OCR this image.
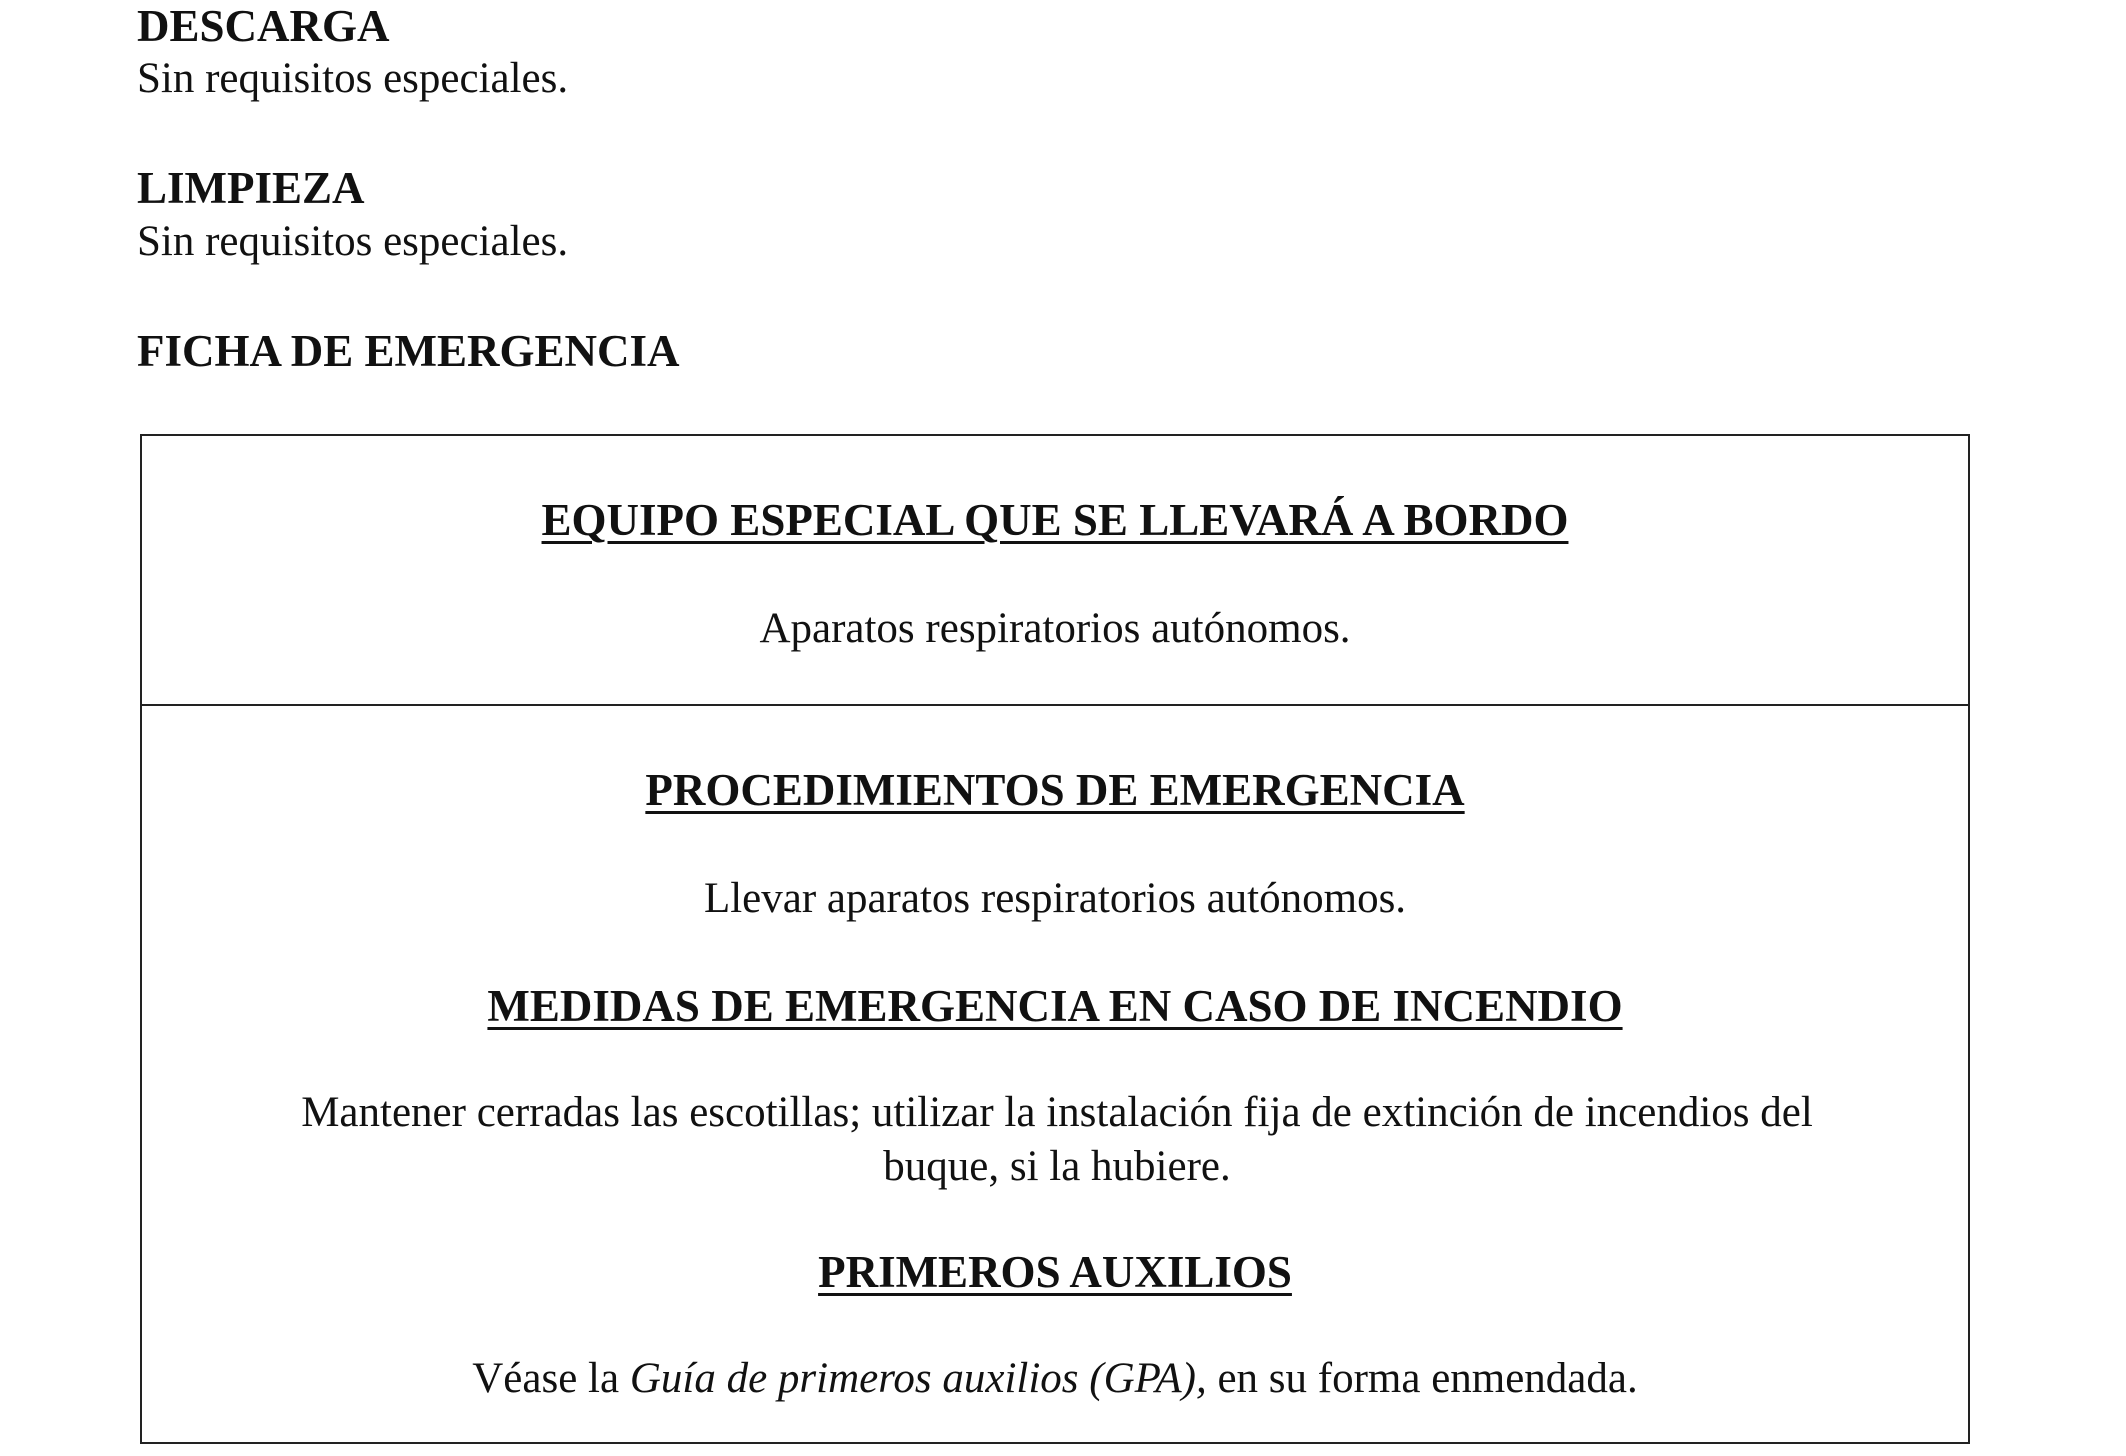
DESCARGA

Sin requisitos especiales.

LIMPIEZA

Sin requisitos especiales.

FICHA DE EMERGENCIA
EQUIPO ESPECIAL QUE SE LLEVARÁ A BORDO

Aparatos respiratorios autónomos.

PROCEDIMIENTOS DE EMERGENCIA

Llevar aparatos respiratorios autónomos.

MEDIDAS DE EMERGENCIA EN CASO DE INCENDIO

Mantener cerradas las escotillas; utilizar la instalación fija de extinción de incendios del buque, si la hubiere.

PRIMEROS AUXILIOS

Véase la Guía de primeros auxilios (GPA), en su forma enmendada.
